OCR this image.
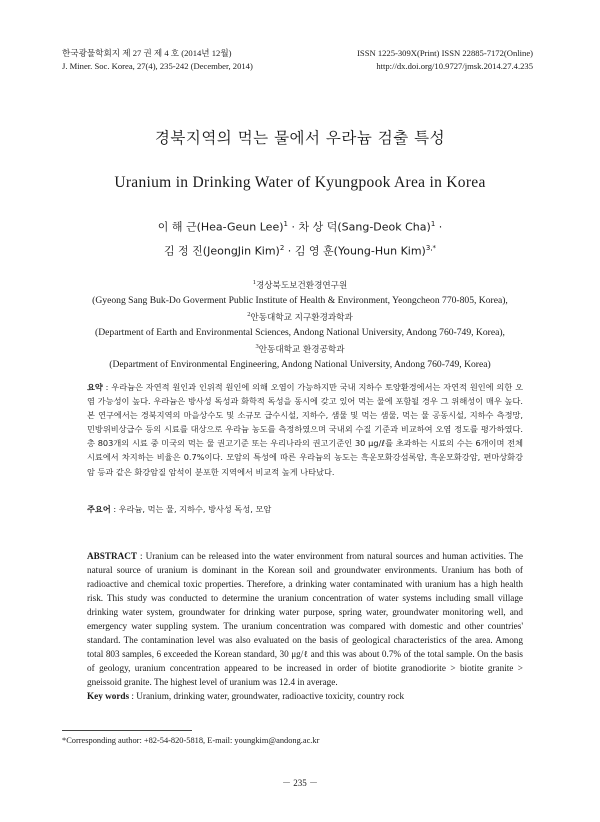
한국광물학회지 제 27 권 제 4 호 (2014년 12월)
J. Miner. Soc. Korea, 27(4), 235-242 (December, 2014)
ISSN 1225-309X(Print) ISSN 22885-7172(Online)
http://dx.doi.org/10.9727/jmsk.2014.27.4.235
경북지역의 먹는 물에서 우라늄 검출 특성
Uranium in Drinking Water of Kyungpook Area in Korea
이 해 근(Hea-Geun Lee)$^1$ · 차 상 덕(Sang-Deok Cha)$^1$ ·
김 정 진(JeongJin Kim)$^2$ · 김 영 훈(Young-Hun Kim)$^{3,*}$
$^1$경상북도보건환경연구원
(Gyeong Sang Buk-Do Goverment Public Institute of Health & Environment, Yeongcheon 770-805, Korea),
$^2$안동대학교 지구환경과학과
(Department of Earth and Environmental Sciences, Andong National University, Andong 760-749, Korea),
$^3$안동대학교 환경공학과
(Department of Environmental Engineering, Andong National University, Andong 760-749, Korea)
요약 : 우라늄은 자연적 원인과 인위적 원인에 의해 오염이 가능하지만 국내 지하수 토양환경에서는 자연적 원인에 의한 오염 가능성이 높다. 우라늄은 방사성 독성과 화학적 독성을 동시에 갖고 있어 먹는 물에 포함될 경우 그 위해성이 매우 높다. 본 연구에서는 경북지역의 마을상수도 및 소규모 급수시설, 지하수, 샘물 및 먹는 샘물, 먹는 물 공동시설, 지하수 측정망, 민방위비상급수 등의 시료를 대상으로 우라늄 농도를 측정하였으며 국내외 수질 기준과 비교하여 오염 정도를 평가하였다. 총 803개의 시료 중 미국의 먹는 물 권고기준 또는 우리나라의 권고기준인 30 μg/ℓ를 초과하는 시료의 수는 6개이며 전체시료에서 차지하는 비율은 0.7%이다. 모암의 특성에 따른 우라늄의 농도는 흑운모화강섬록암, 흑운모화강암, 편마상화강암 등과 같은 화강암질 암석이 분포한 지역에서 비교적 높게 나타났다.
주요어 : 우라늄, 먹는 물, 지하수, 방사성 독성, 모암
ABSTRACT : Uranium can be released into the water environment from natural sources and human activities. The natural source of uranium is dominant in the Korean soil and groundwater environments. Uranium has both of radioactive and chemical toxic properties. Therefore, a drinking water contaminated with uranium has a high health risk. This study was conducted to determine the uranium concentration of water systems including small village drinking water system, groundwater for drinking water purpose, spring water, groundwater monitoring well, and emergency water suppling system. The uranium concentration was compared with domestic and other countries' standard. The contamination level was also evaluated on the basis of geological characteristics of the area. Among total 803 samples, 6 exceeded the Korean standard, 30 μg/ℓ and this was about 0.7% of the total sample. On the basis of geology, uranium concentration appeared to be increased in order of biotite granodiorite > biotite granite > gneissoid granite. The highest level of uranium was 12.4 in average.
Key words : Uranium, drinking water, groundwater, radioactive toxicity, country rock
*Corresponding author: +82-54-820-5818, E-mail: youngkim@andong.ac.kr
－ 235 －
